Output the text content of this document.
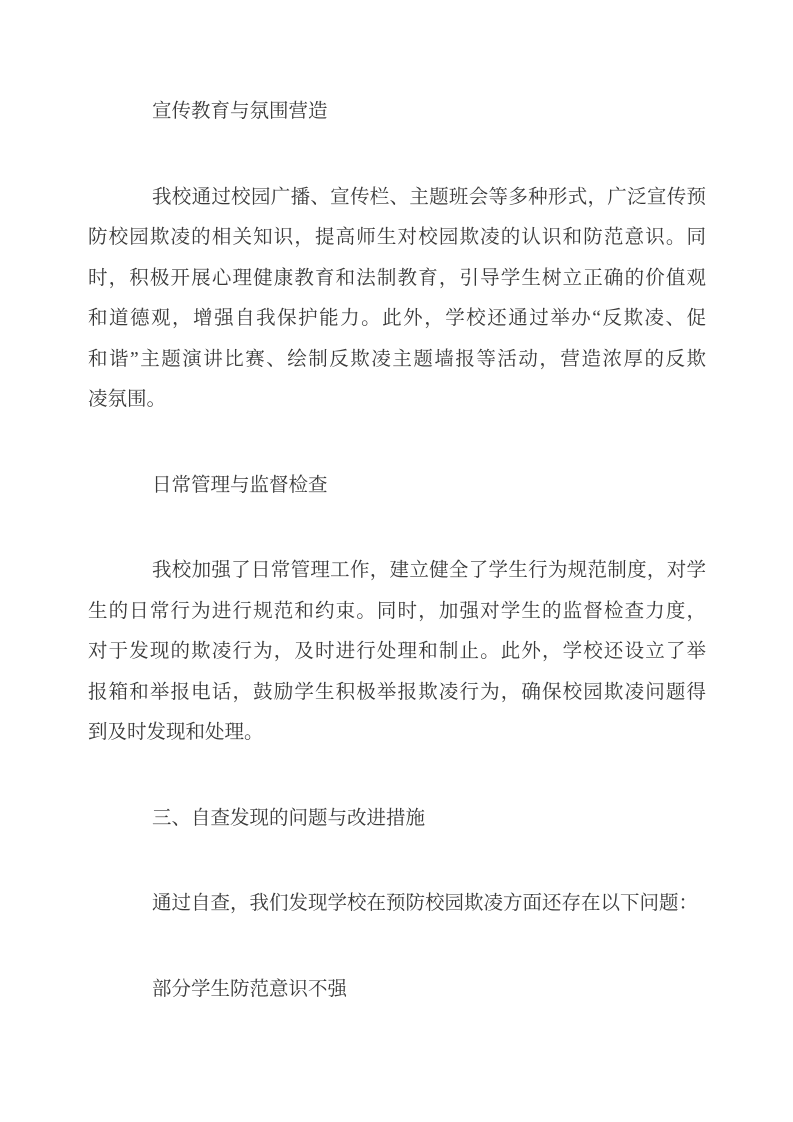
宣传教育与氛围营造
我校通过校园广播、宣传栏、主题班会等多种形式，广泛宣传预
防校园欺凌的相关知识，提高师生对校园欺凌的认识和防范意识。同
时，积极开展心理健康教育和法制教育，引导学生树立正确的价值观
和道德观，增强自我保护能力。此外，学校还通过举办“反欺凌、促
和谐”主题演讲比赛、绘制反欺凌主题墙报等活动，营造浓厚的反欺
凌氛围。
日常管理与监督检查
我校加强了日常管理工作，建立健全了学生行为规范制度，对学
生的日常行为进行规范和约束。同时，加强对学生的监督检查力度，
对于发现的欺凌行为，及时进行处理和制止。此外，学校还设立了举
报箱和举报电话，鼓励学生积极举报欺凌行为，确保校园欺凌问题得
到及时发现和处理。
三、自查发现的问题与改进措施
通过自查，我们发现学校在预防校园欺凌方面还存在以下问题：
部分学生防范意识不强
